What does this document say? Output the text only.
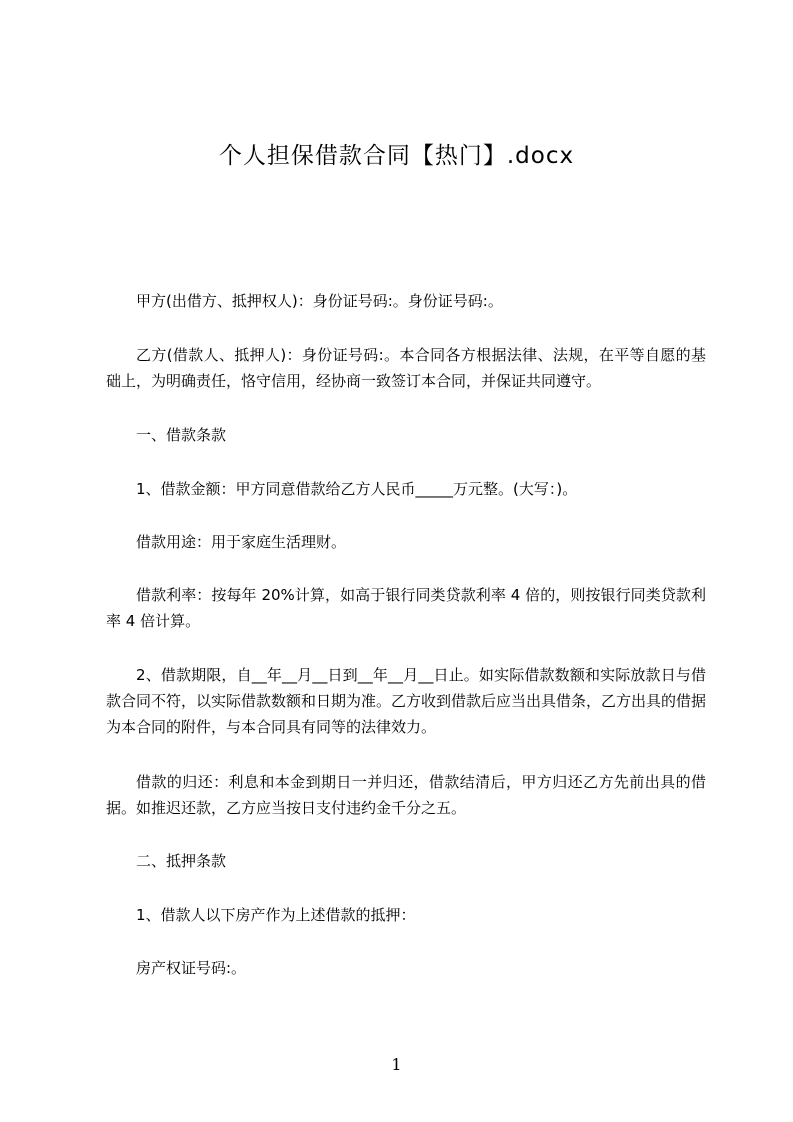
个人担保借款合同【热门】.docx

甲方(出借方、抵押权人)：身份证号码:。身份证号码:。

乙方(借款人、抵押人)：身份证号码:。本合同各方根据法律、法规，在平等自愿的基础上，为明确责任，恪守信用，经协商一致签订本合同，并保证共同遵守。

一、借款条款

1、借款金额：甲方同意借款给乙方人民币_____万元整。(大写：)。

借款用途：用于家庭生活理财。

借款利率：按每年 20%计算，如高于银行同类贷款利率 4 倍的，则按银行同类贷款利率 4 倍计算。

2、借款期限，自__年__月__日到__年__月__日止。如实际借款数额和实际放款日与借款合同不符，以实际借款数额和日期为准。乙方收到借款后应当出具借条，乙方出具的借据为本合同的附件，与本合同具有同等的法律效力。

借款的归还：利息和本金到期日一并归还，借款结清后，甲方归还乙方先前出具的借据。如推迟还款，乙方应当按日支付违约金千分之五。

二、抵押条款

1、借款人以下房产作为上述借款的抵押：

房产权证号码:。

1
